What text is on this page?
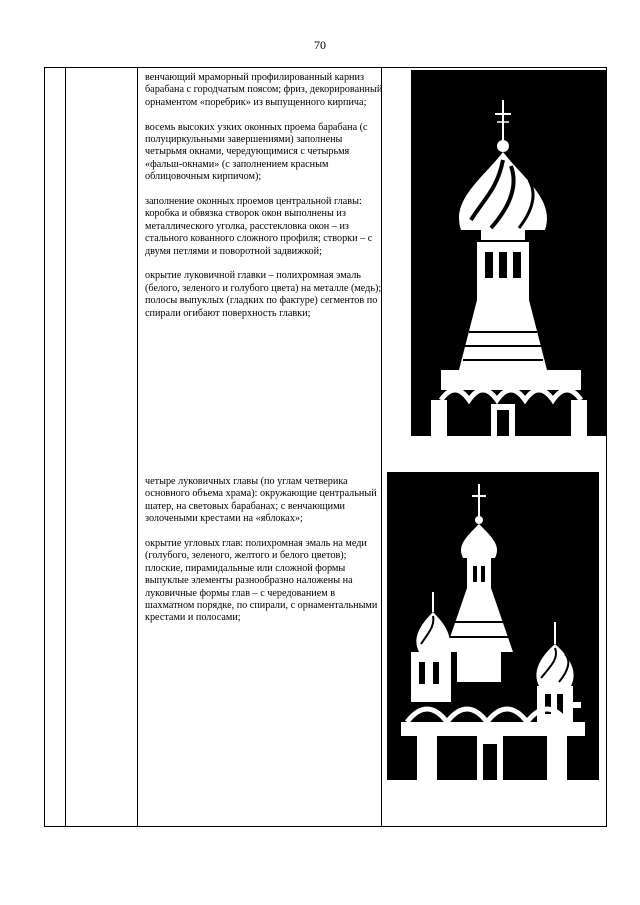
70

венчающий мраморный профилированный карниз барабана с городчатым поясом; фриз, декорированный орнаментом «поребрик» из выпущенного кирпича;

восемь высоких узких оконных проема барабана (с полуциркульными завершениями) заполнены четырьмя окнами, чередующимися с четырьмя «фальш-окнами» (с заполнением красным облицовочным кирпичом);

заполнение оконных проемов центральной главы: коробка и обвязка створок окон выполнены из металлического уголка, расстекловка окон – из стального кованного сложного профиля; створки – с двумя петлями и поворотной задвижкой;

окрытие луковичной главки – полихромная эмаль (белого, зеленого и голубого цвета) на металле (медь); полосы выпуклых (гладких по фактуре) сегментов по спирали огибают поверхность главки;

четыре луковичных главы (по углам четверика основного объема храма): окружающие центральный шатер, на световых барабанах; с венчающими золочеными крестами на «яблоках»;

окрытие угловых глав: полихромная эмаль на меди (голубого, зеленого, желтого и белого цветов); плоские, пирамидальные или сложной формы выпуклые элементы разнообразно наложены на луковичные формы глав – с чередованием в шахматном порядке, по спирали, с орнаментальными крестами и полосами;
